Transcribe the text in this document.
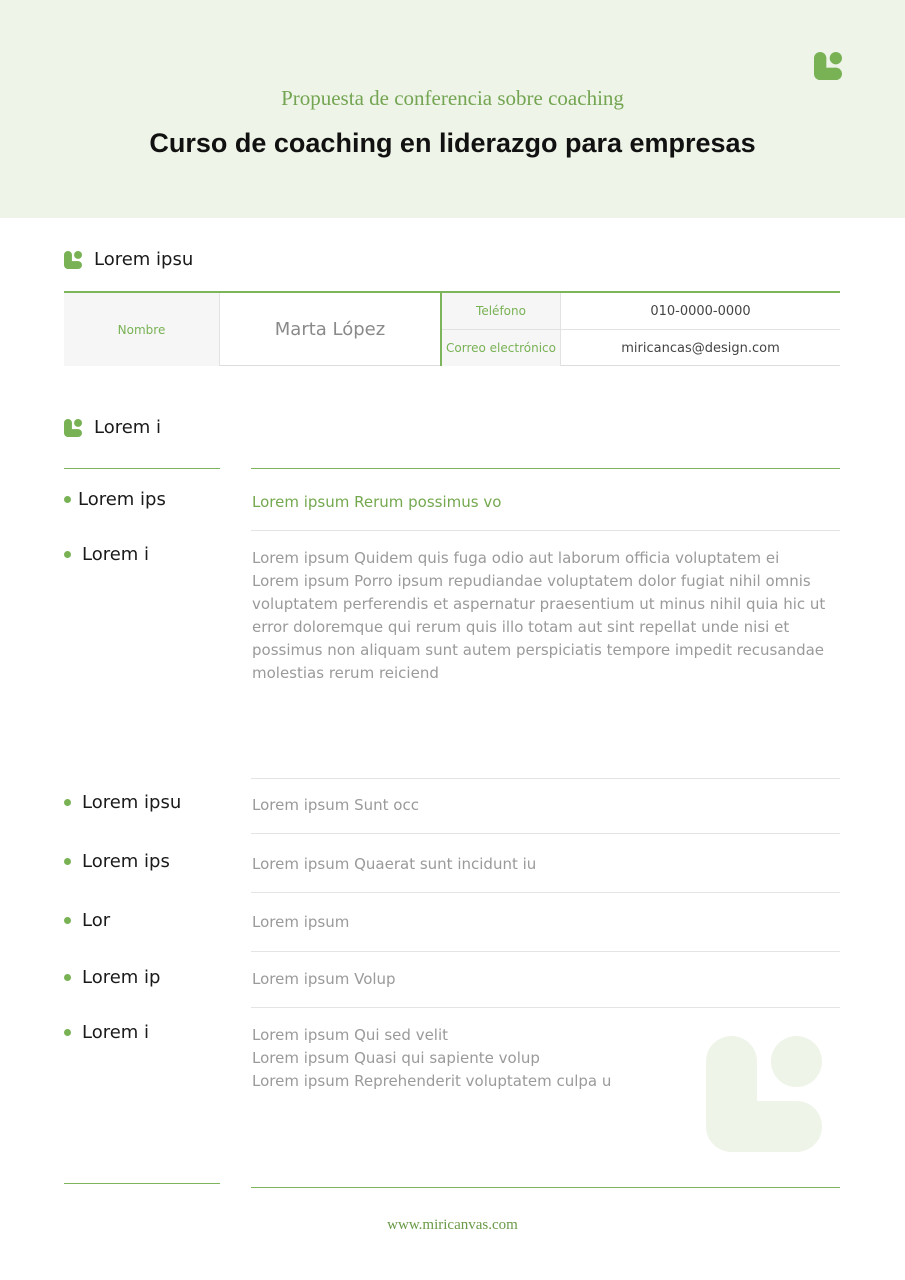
Propuesta de conferencia sobre coaching
Curso de coaching en liderazgo para empresas
Lorem ipsu
Nombre	Marta López
Teléfono	010-0000-0000
Correo electrónico	miricancas@design.com
Lorem i
Lorem ips	Lorem ipsum Rerum possimus vo
Lorem i	Lorem ipsum Quidem quis fuga odio aut laborum officia voluptatem ei
Lorem ipsum Porro ipsum repudiandae voluptatem dolor fugiat nihil omnis
voluptatem perferendis et aspernatur praesentium ut minus nihil quia hic ut
error doloremque qui rerum quis illo totam aut sint repellat unde nisi et
possimus non aliquam sunt autem perspiciatis tempore impedit recusandae
molestias rerum reiciend
Lorem ipsu	Lorem ipsum Sunt occ
Lorem ips	Lorem ipsum Quaerat sunt incidunt iu
Lor	Lorem ipsum
Lorem ip	Lorem ipsum Volup
Lorem i	Lorem ipsum Qui sed velit
Lorem ipsum Quasi qui sapiente volup
Lorem ipsum Reprehenderit voluptatem culpa u
www.miricanvas.com
